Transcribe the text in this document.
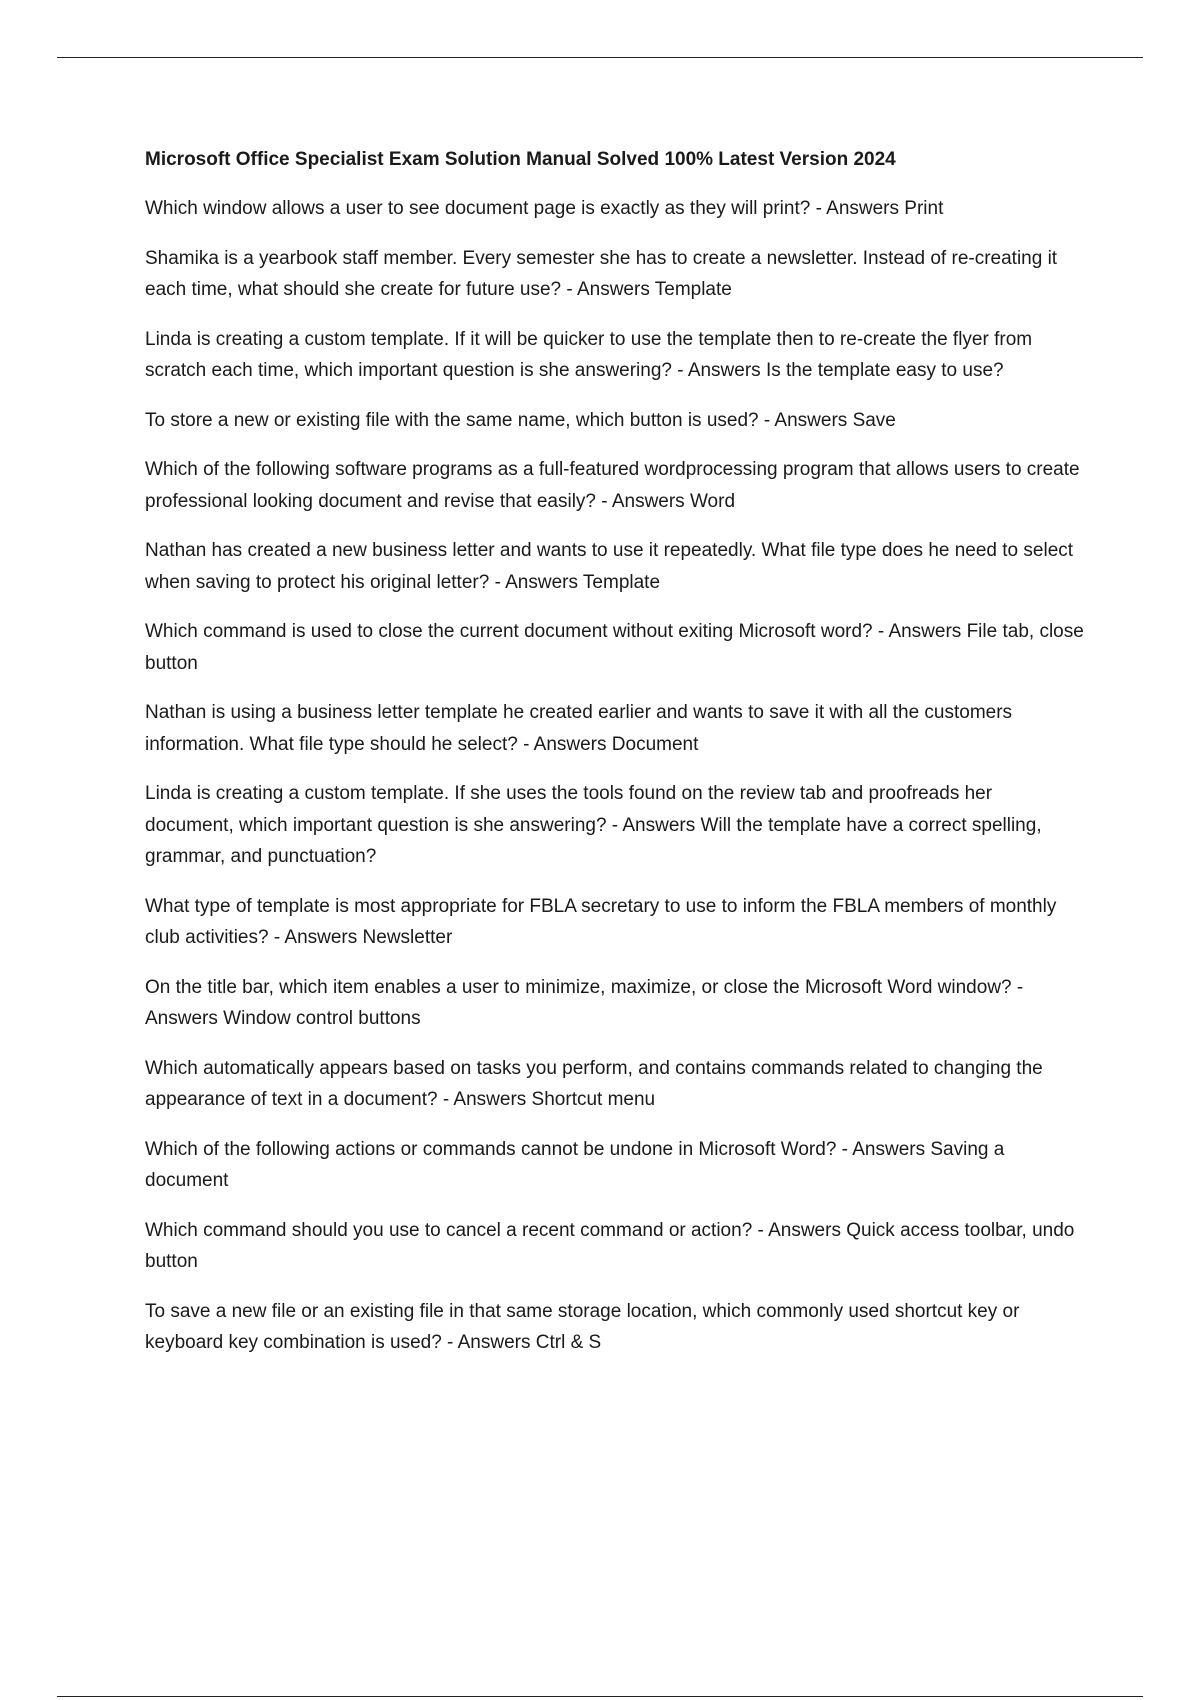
Microsoft Office Specialist Exam Solution Manual Solved 100% Latest Version 2024
Which window allows a user to see document page is exactly as they will print? - Answers Print
Shamika is a yearbook staff member. Every semester she has to create a newsletter. Instead of re-creating it each time, what should she create for future use? - Answers Template
Linda is creating a custom template. If it will be quicker to use the template then to re-create the flyer from scratch each time, which important question is she answering? - Answers Is the template easy to use?
To store a new or existing file with the same name, which button is used? - Answers Save
Which of the following software programs as a full-featured wordprocessing program that allows users to create professional looking document and revise that easily? - Answers Word
Nathan has created a new business letter and wants to use it repeatedly. What file type does he need to select when saving to protect his original letter? - Answers Template
Which command is used to close the current document without exiting Microsoft word? - Answers File tab, close button
Nathan is using a business letter template he created earlier and wants to save it with all the customers information. What file type should he select? - Answers Document
Linda is creating a custom template. If she uses the tools found on the review tab and proofreads her document, which important question is she answering? - Answers Will the template have a correct spelling, grammar, and punctuation?
What type of template is most appropriate for FBLA secretary to use to inform the FBLA members of monthly club activities? - Answers Newsletter
On the title bar, which item enables a user to minimize, maximize, or close the Microsoft Word window? - Answers Window control buttons
Which automatically appears based on tasks you perform, and contains commands related to changing the appearance of text in a document? - Answers Shortcut menu
Which of the following actions or commands cannot be undone in Microsoft Word? - Answers Saving a document
Which command should you use to cancel a recent command or action? - Answers Quick access toolbar, undo button
To save a new file or an existing file in that same storage location, which commonly used shortcut key or keyboard key combination is used? - Answers Ctrl & S
